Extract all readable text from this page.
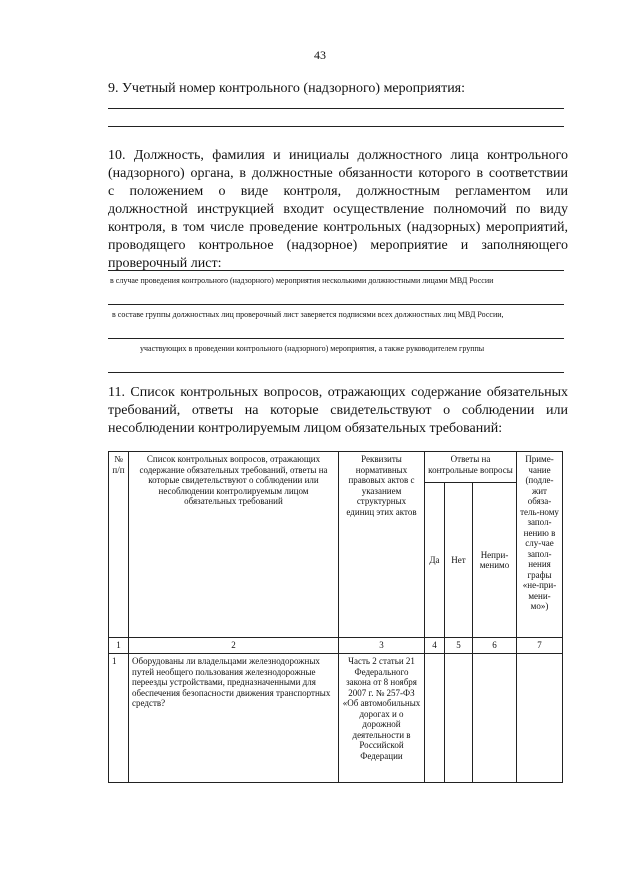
43
9. Учетный номер контрольного (надзорного) мероприятия:
10. Должность, фамилия и инициалы должностного лица контрольного
(надзорного) органа, в должностные обязанности которого в соответствии
с положением о виде контроля, должностным регламентом или
должностной инструкцией входит осуществление полномочий по виду
контроля, в том числе проведение контрольных (надзорных) мероприятий,
проводящего контрольное (надзорное) мероприятие и заполняющего
проверочный лист:
в случае проведения контрольного (надзорного) мероприятия несколькими должностными лицами МВД России
в составе группы должностных лиц проверочный лист заверяется подписями всех должностных лиц МВД России,
участвующих в проведении контрольного (надзорного) мероприятия, а также руководителем группы
11. Список контрольных вопросов, отражающих содержание обязательных
требований, ответы на которые свидетельствуют о соблюдении или
несоблюдении контролируемым лицом обязательных требований:
№ п/п	Список контрольных вопросов, отражающих содержание обязательных требований, ответы на которые свидетельствуют о соблюдении или несоблюдении контролируемым лицом обязательных требований	Реквизиты нормативных правовых актов с указанием структурных единиц этих актов	Ответы на контрольные вопросы			Приме-чание (подле-жит обяза-тель-ному запол-нению в слу-чае запол-нения графы «не-при-мени-мо»)
			Да	Нет	Непри-менимо	
1	2	3	4	5	6	7
1	Оборудованы ли владельцами железнодорожных путей необщего пользования железнодорожные переезды устройствами, предназначенными для обеспечения безопасности движения транспортных средств?	Часть 2 статьи 21 Федерального закона от 8 ноября 2007 г. № 257-ФЗ «Об автомобильных дорогах и о дорожной деятельности в Российской Федерации				
